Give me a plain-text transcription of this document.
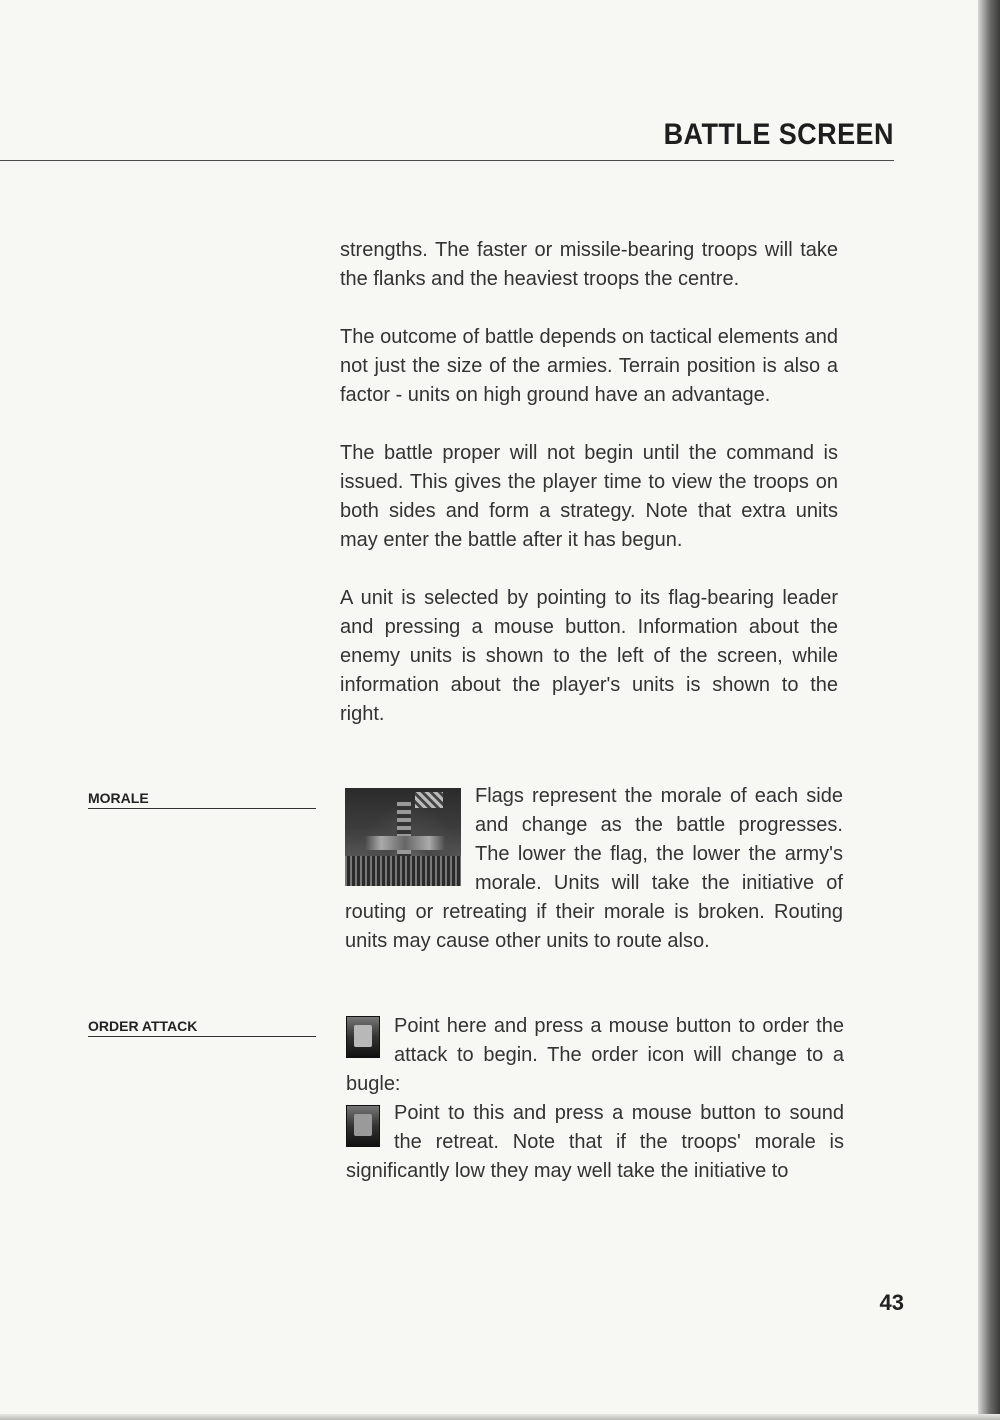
BATTLE SCREEN

strengths. The faster or missile-bearing troops will take the flanks and the heaviest troops the centre.

The outcome of battle depends on tactical elements and not just the size of the armies. Terrain position is also a factor - units on high ground have an advantage.

The battle proper will not begin until the command is issued. This gives the player time to view the troops on both sides and form a strategy. Note that extra units may enter the battle after it has begun.

A unit is selected by pointing to its flag-bearing leader and pressing a mouse button. Information about the enemy units is shown to the left of the screen, while information about the player's units is shown to the right.

MORALE	Flags represent the morale of each side and change as the battle progresses. The lower the flag, the lower the army's morale. Units will take the initiative of routing or retreating if their morale is broken. Routing units may cause other units to route also.

ORDER ATTACK	Point here and press a mouse button to order the attack to begin. The order icon will change to a bugle:

Point to this and press a mouse button to sound the retreat. Note that if the troops' morale is significantly low they may well take the initiative to

43
